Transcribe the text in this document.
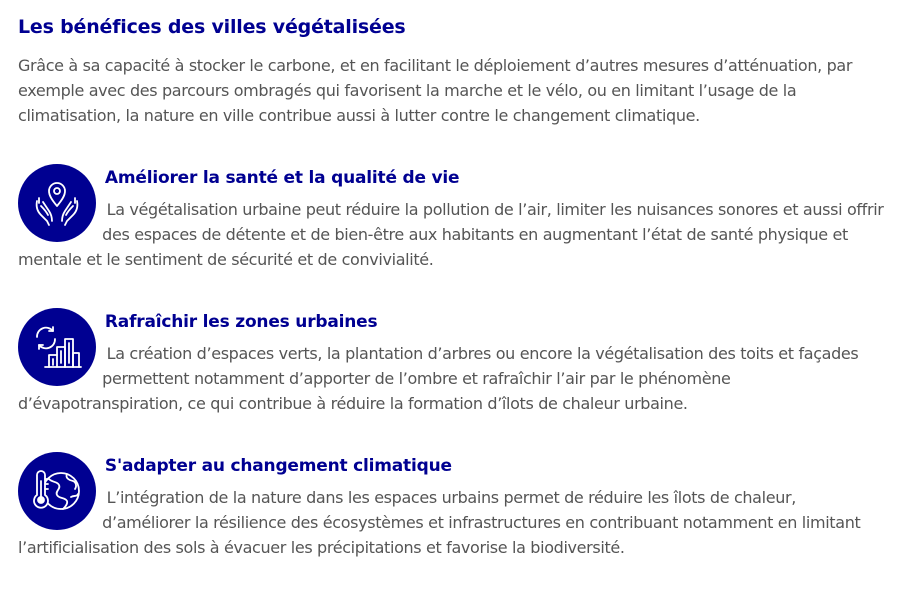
Les bénéfices des villes végétalisées

Grâce à sa capacité à stocker le carbone, et en facilitant le déploiement d’autres mesures d’atténuation, par exemple avec des parcours ombragés qui favorisent la marche et le vélo, ou en limitant l’usage de la climatisation, la nature en ville contribue aussi à lutter contre le changement climatique.

Améliorer la santé et la qualité de vie

La végétalisation urbaine peut réduire la pollution de l’air, limiter les nuisances sonores et aussi offrir des espaces de détente et de bien-être aux habitants en augmentant l’état de santé physique et mentale et le sentiment de sécurité et de convivialité.

Rafraîchir les zones urbaines

La création d’espaces verts, la plantation d’arbres ou encore la végétalisation des toits et façades permettent notamment d’apporter de l’ombre et rafraîchir l’air par le phénomène d’évapotranspiration, ce qui contribue à réduire la formation d’îlots de chaleur urbaine.

S'adapter au changement climatique

L’intégration de la nature dans les espaces urbains permet de réduire les îlots de chaleur, d’améliorer la résilience des écosystèmes et infrastructures en contribuant notamment en limitant l’artificialisation des sols à évacuer les précipitations et favorise la biodiversité.
